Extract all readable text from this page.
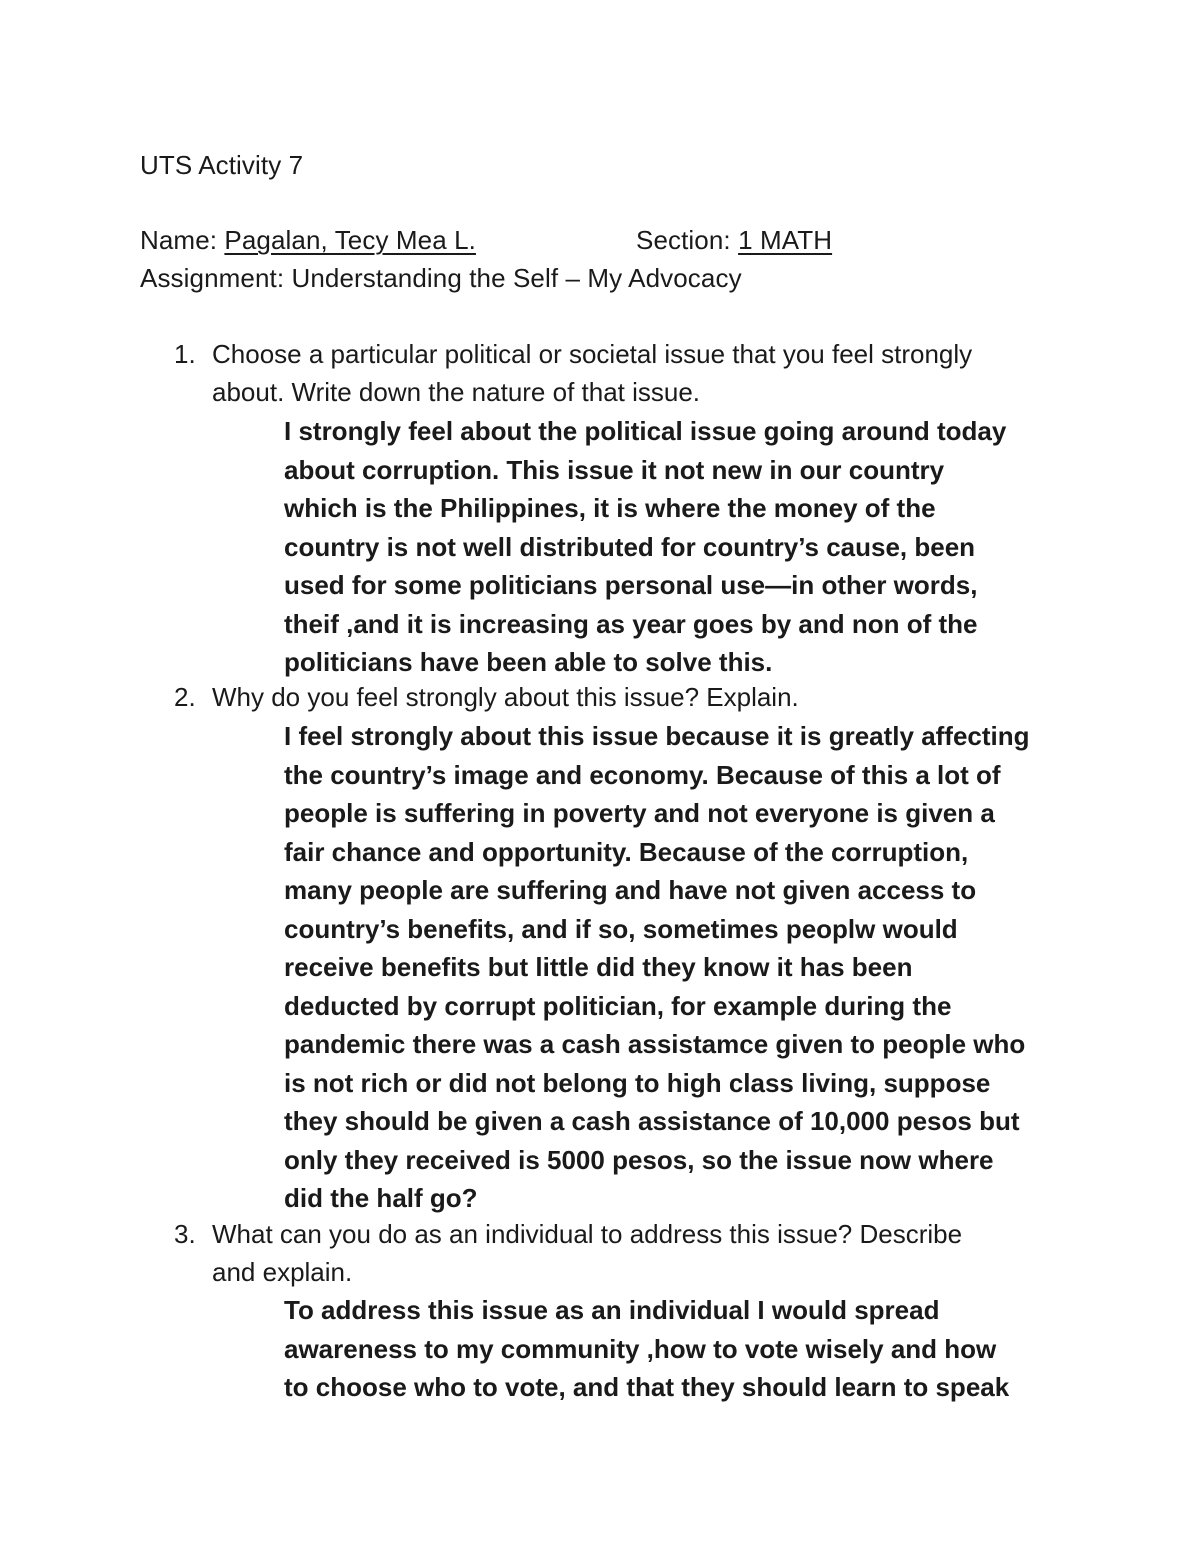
UTS Activity 7
Name: Pagalan, Tecy Mea L.	Section: 1 MATH
Assignment: Understanding the Self – My Advocacy
1. Choose a particular political or societal issue that you feel strongly
about. Write down the nature of that issue.
I strongly feel about the political issue going around today
about corruption. This issue it not new in our country
which is the Philippines, it is where the money of the
country is not well distributed for country’s cause, been
used for some politicians personal use—in other words,
theif ,and it is increasing as year goes by and non of the
politicians have been able to solve this.
2. Why do you feel strongly about this issue? Explain.
I feel strongly about this issue because it is greatly affecting
the country’s image and economy. Because of this a lot of
people is suffering in poverty and not everyone is given a
fair chance and opportunity. Because of the corruption,
many people are suffering and have not given access to
country’s benefits, and if so, sometimes peoplw would
receive benefits but little did they know it has been
deducted by corrupt politician, for example during the
pandemic there was a cash assistamce given to people who
is not rich or did not belong to high class living, suppose
they should be given a cash assistance of 10,000 pesos but
only they received is 5000 pesos, so the issue now where
did the half go?
3. What can you do as an individual to address this issue? Describe
and explain.
To address this issue as an individual I would spread
awareness to my community ,how to vote wisely and how
to choose who to vote, and that they should learn to speak
